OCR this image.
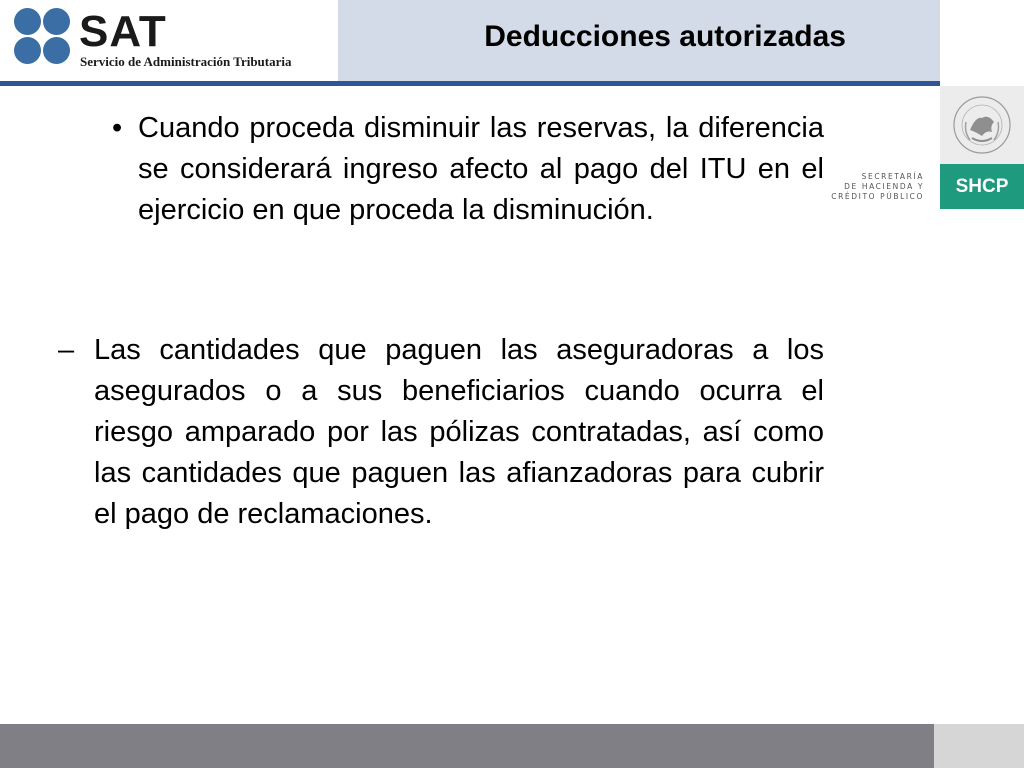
SAT
Servicio de Administración Tributaria
Deducciones autorizadas
SHCP
SECRETARÍA
DE HACIENDA Y
CRÉDITO PÚBLICO
• Cuando proceda disminuir las reservas, la diferencia se considerará ingreso afecto al pago del ITU en el ejercicio en que proceda la disminución.
– Las cantidades que paguen las aseguradoras a los asegurados o a sus beneficiarios cuando ocurra el riesgo amparado por las pólizas contratadas, así como las cantidades que paguen las afianzadoras para cubrir el pago de reclamaciones.
